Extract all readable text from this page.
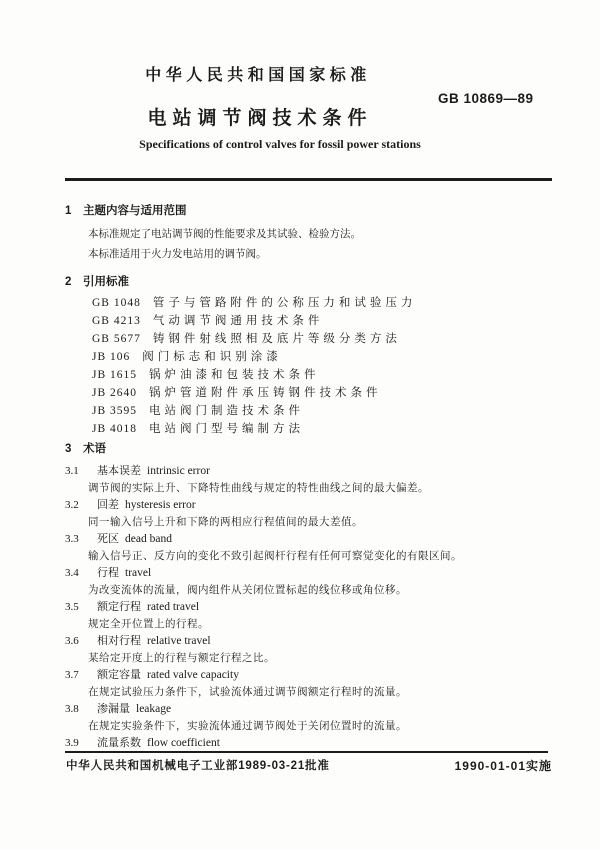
中华人民共和国国家标准
GB 10869—89
电站调节阀技术条件
Specifications of control valves for fossil power stations
1 主题内容与适用范围

本标准规定了电站调节阀的性能要求及其试验、检验方法。

本标准适用于火力发电站用的调节阀。

2 引用标准
GB 1048 管子与管路附件的公称压力和试验压力
GB 4213 气动调节阀通用技术条件
GB 5677 铸钢件射线照相及底片等级分类方法
JB 106 阀门标志和识别涂漆
JB 1615 锅炉油漆和包装技术条件
JB 2640 锅炉管道附件承压铸钢件技术条件
JB 3595 电站阀门制造技术条件
JB 4018 电站阀门型号编制方法
3 术语
3.1 基本误差 intrinsic error
调节阀的实际上升、下降特性曲线与规定的特性曲线之间的最大偏差。
3.2 回差 hysteresis error
同一输入信号上升和下降的两相应行程值间的最大差值。
3.3 死区 dead band
输入信号正、反方向的变化不致引起阀杆行程有任何可察觉变化的有限区间。
3.4 行程 travel
为改变流体的流量，阀内组件从关闭位置标起的线位移或角位移。
3.5 额定行程 rated travel
规定全开位置上的行程。
3.6 相对行程 relative travel
某给定开度上的行程与额定行程之比。
3.7 额定容量 rated valve capacity
在规定试验压力条件下，试验流体通过调节阀额定行程时的流量。
3.8 渗漏量 leakage
在规定实验条件下，实验流体通过调节阀处于关闭位置时的流量。
3.9 流量系数 flow coefficient
中华人民共和国机械电子工业部1989-03-21批准	1990-01-01实施
